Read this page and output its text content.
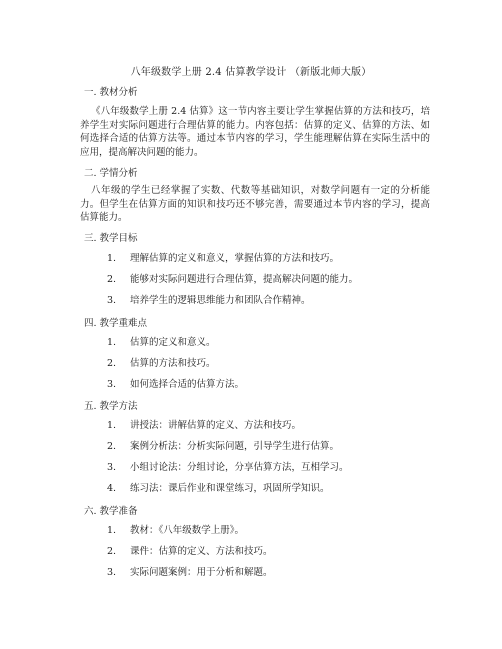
八年级数学上册 2.4 估算教学设计 （新版北师大版）
一. 教材分析
《八年级数学上册 2.4 估算》这一节内容主要让学生掌握估算的方法和技巧，培养学生对实际问题进行合理估算的能力。内容包括：估算的定义、估算的方法、如何选择合适的估算方法等。通过本节内容的学习，学生能理解估算在实际生活中的应用，提高解决问题的能力。
二. 学情分析
八年级的学生已经掌握了实数、代数等基础知识，对数学问题有一定的分析能力。但学生在估算方面的知识和技巧还不够完善，需要通过本节内容的学习，提高估算能力。
三. 教学目标
1. 理解估算的定义和意义，掌握估算的方法和技巧。
2. 能够对实际问题进行合理估算，提高解决问题的能力。
3. 培养学生的逻辑思维能力和团队合作精神。
四. 教学重难点
1. 估算的定义和意义。
2. 估算的方法和技巧。
3. 如何选择合适的估算方法。
五. 教学方法
1. 讲授法：讲解估算的定义、方法和技巧。
2. 案例分析法：分析实际问题，引导学生进行估算。
3. 小组讨论法：分组讨论，分享估算方法，互相学习。
4. 练习法：课后作业和课堂练习，巩固所学知识。
六. 教学准备
1. 教材：《八年级数学上册》。
2. 课件：估算的定义、方法和技巧。
3. 实际问题案例：用于分析和解题。
